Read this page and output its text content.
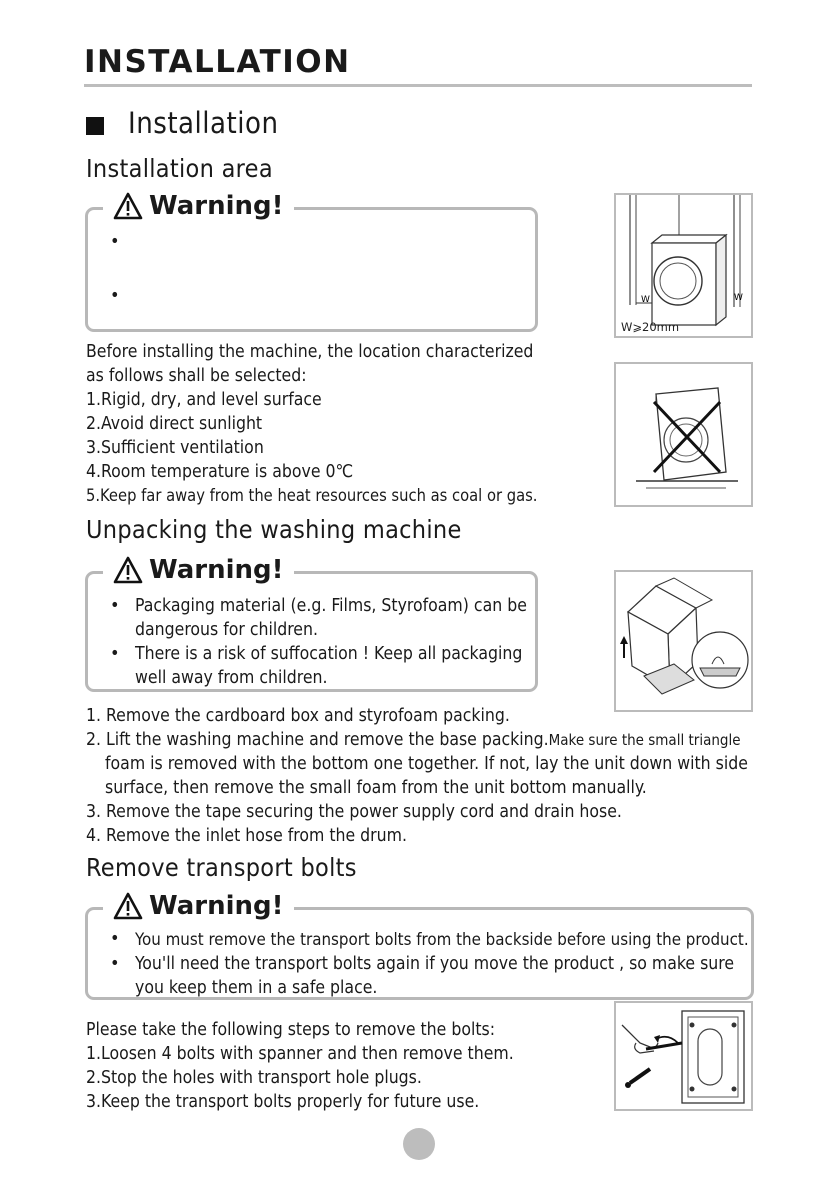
INSTALLATION
Installation
Installation area
•
•
Warning!
Before installing the machine, the location characterized
as follows shall be selected:
1.Rigid, dry, and level surface
2.Avoid direct sunlight
3.Sufficient ventilation
4.Room temperature is above 0℃
5.Keep far away from the heat resources such as coal or gas.
W	W
W⩾20mm
Unpacking the washing machine
• Packaging material (e.g. Films, Styrofoam) can be dangerous for children.
• There is a risk of suffocation ! Keep all packaging well away from children.
Warning!
1. Remove the cardboard box and styrofoam packing.
2. Lift the washing machine and remove the base packing.Make sure the small triangle
foam is removed with the bottom one together. If not, lay the unit down with side
surface, then remove the small foam from the unit bottom manually.
3. Remove the tape securing the power supply cord and drain hose.
4. Remove the inlet hose from the drum.
Remove transport bolts
• You must remove the transport bolts from the backside before using the product.
• You'll need the transport bolts again if you move the product , so make sure you keep them in a safe place.
Warning!
Please take the following steps to remove the bolts:
1.Loosen 4 bolts with spanner and then remove them.
2.Stop the holes with transport hole plugs.
3.Keep the transport bolts properly for future use.
